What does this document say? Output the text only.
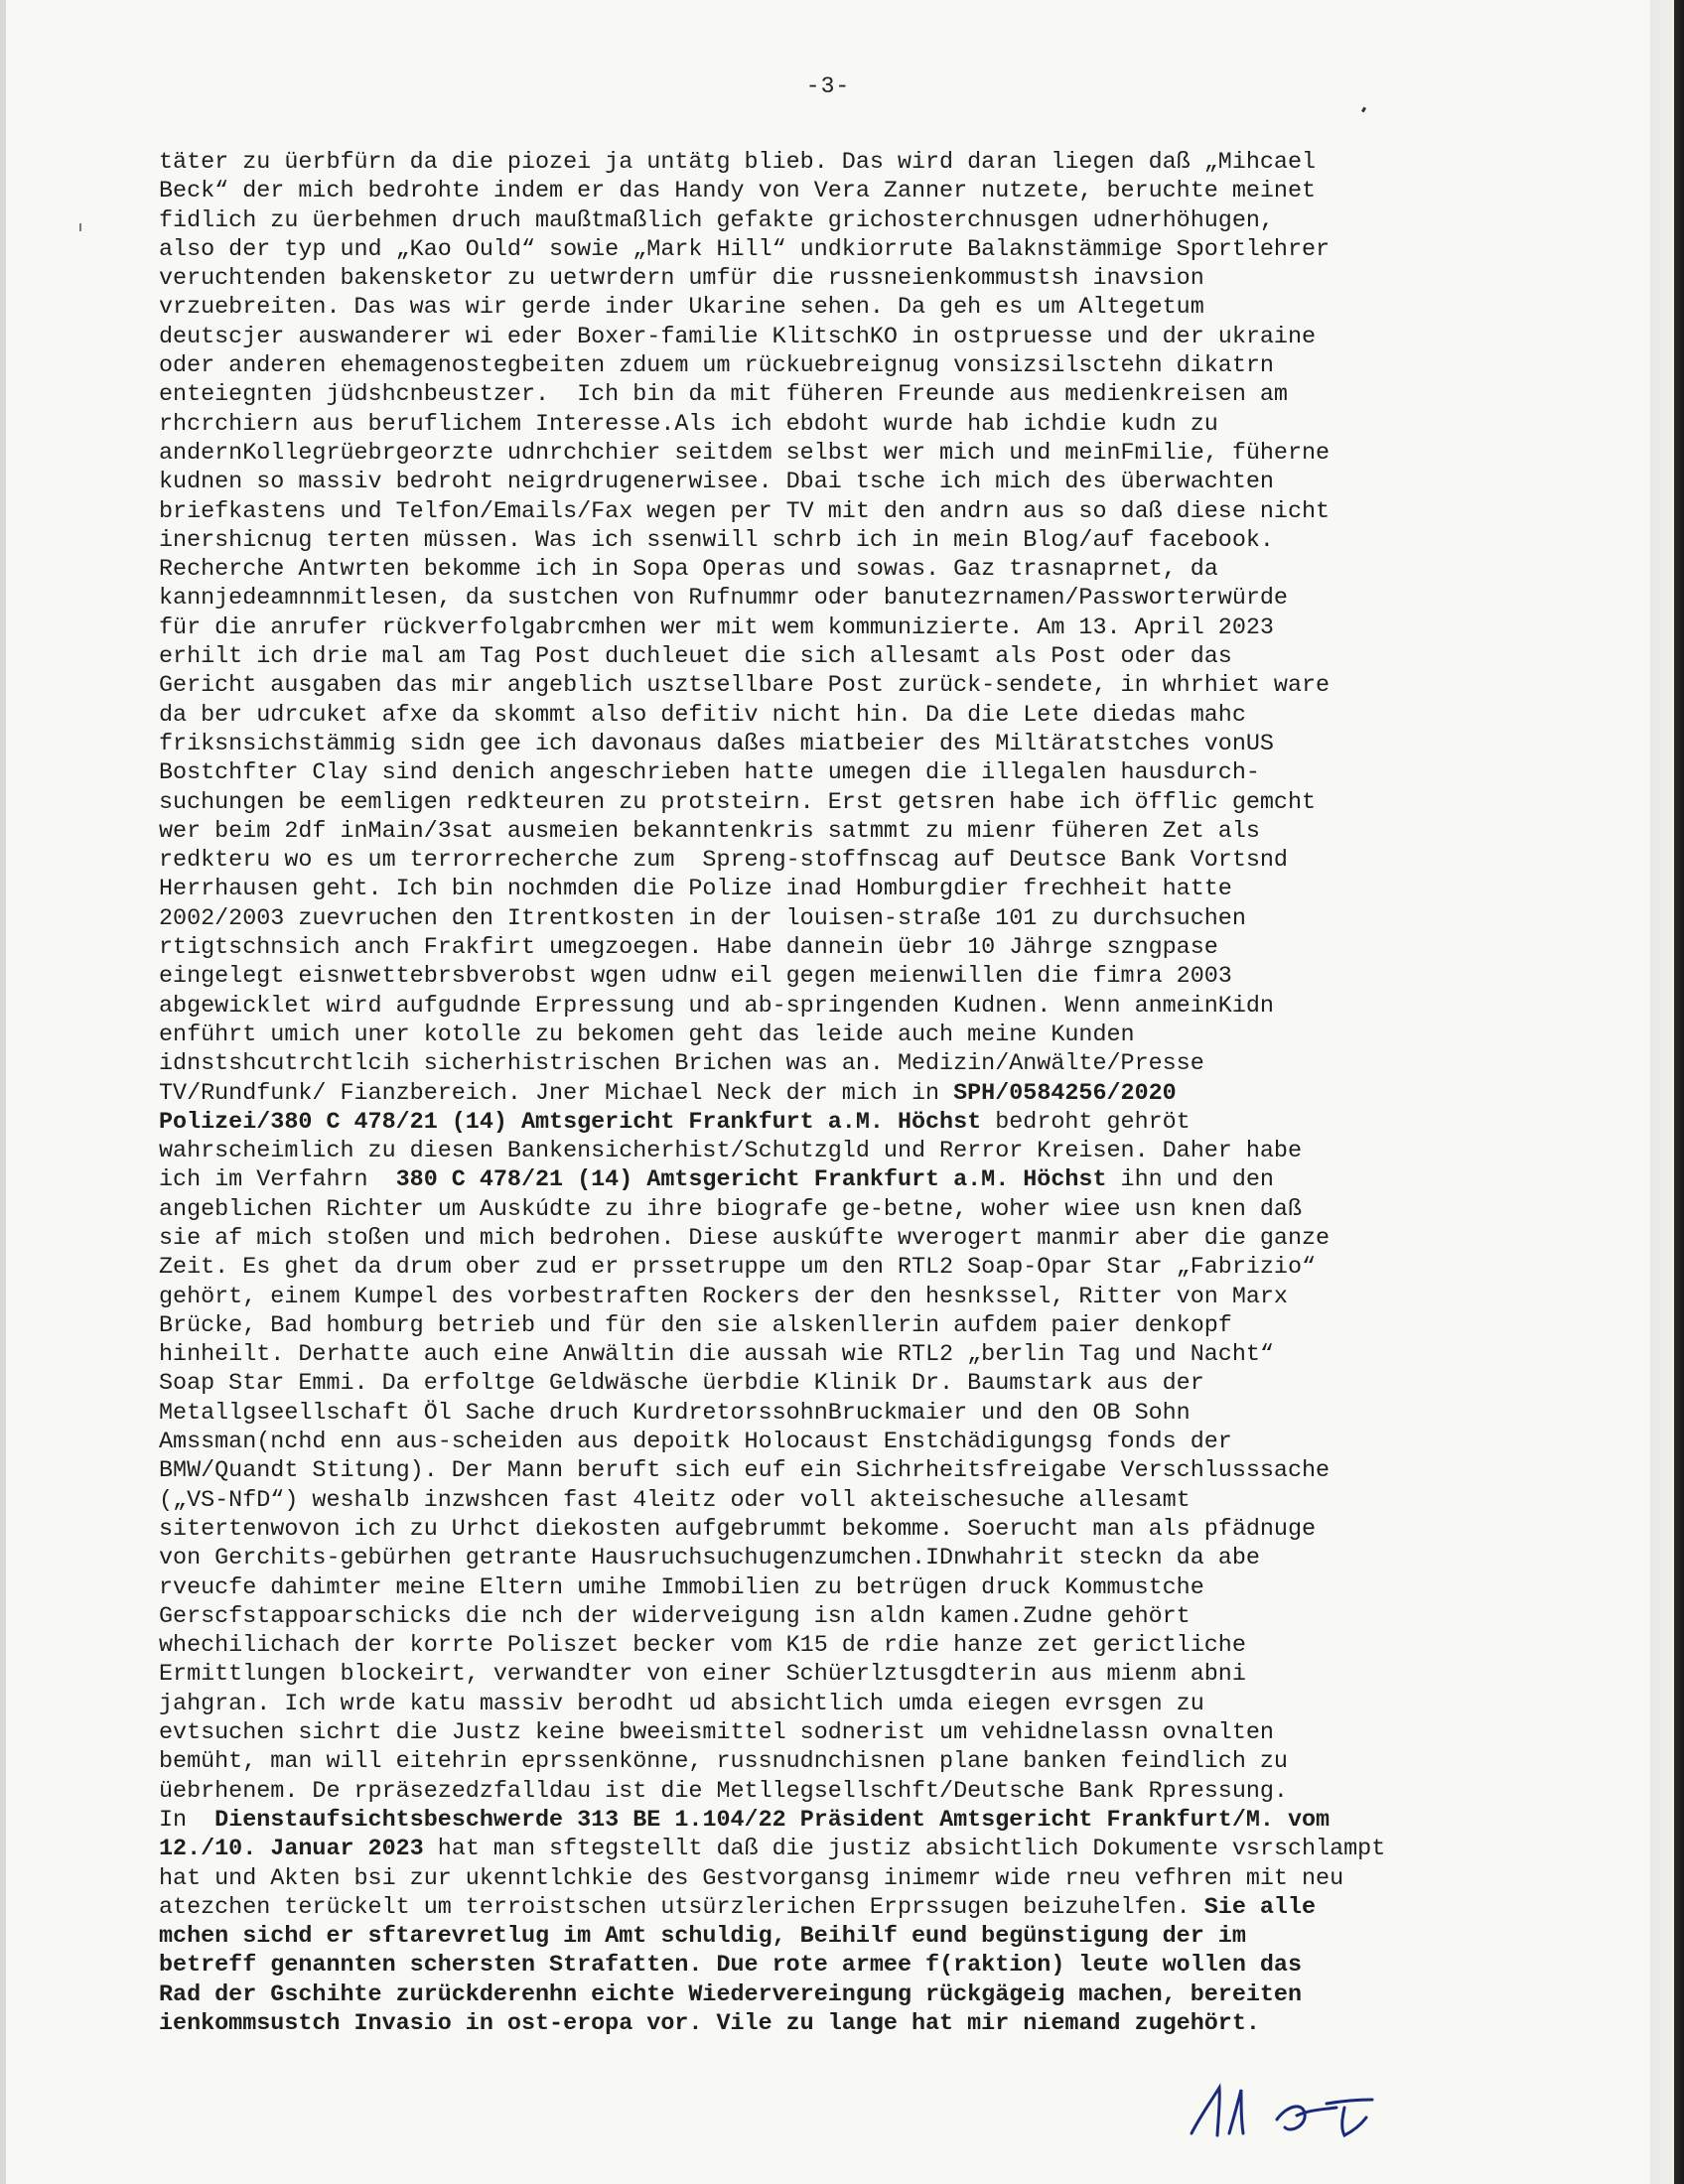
-3-
täter zu üerbfürn da die piozei ja untätg blieb. Das wird daran liegen daß „Mihcael
Beck“ der mich bedrohte indem er das Handy von Vera Zanner nutzete, beruchte meinet
fidlich zu üerbehmen druch maußtmaßlich gefakte grichosterchnusgen udnerhöhugen,
also der typ und „Kao Ould“ sowie „Mark Hill“ undkiorrute Balaknstämmige Sportlehrer
veruchtenden bakensketor zu uetwrdern umfür die russneienkommustsh inavsion
vrzuebreiten. Das was wir gerde inder Ukarine sehen. Da geh es um Altegetum
deutscjer auswanderer wi eder Boxer-familie KlitschKO in ostpruesse und der ukraine
oder anderen ehemagenostegbeiten zduem um rückuebreignug vonsizsilsctehn dikatrn
enteiegnten jüdshcnbeustzer.  Ich bin da mit füheren Freunde aus medienkreisen am
rhcrchiern aus beruflichem Interesse.Als ich ebdoht wurde hab ichdie kudn zu
andernKollegrüebrgeorzte udnrchchier seitdem selbst wer mich und meinFmilie, füherne
kudnen so massiv bedroht neigrdrugenerwisee. Dbai tsche ich mich des überwachten
briefkastens und Telfon/Emails/Fax wegen per TV mit den andrn aus so daß diese nicht
inershicnug terten müssen. Was ich ssenwill schrb ich in mein Blog/auf facebook.
Recherche Antwrten bekomme ich in Sopa Operas und sowas. Gaz trasnaprnet, da
kannjedeamnnmitlesen, da sustchen von Rufnummr oder banutezrnamen/Passworterwürde
für die anrufer rückverfolgabrcmhen wer mit wem kommunizierte. Am 13. April 2023
erhilt ich drie mal am Tag Post duchleuet die sich allesamt als Post oder das
Gericht ausgaben das mir angeblich usztsellbare Post zurück-sendete, in whrhiet ware
da ber udrcuket afxe da skommt also defitiv nicht hin. Da die Lete diedas mahc
friksnsichstämmig sidn gee ich davonaus daßes miatbeier des Miltäratstches vonUS
Bostchfter Clay sind denich angeschrieben hatte umegen die illegalen hausdurch-
suchungen be eemligen redkteuren zu protsteirn. Erst getsren habe ich öfflic gemcht
wer beim 2df inMain/3sat ausmeien bekanntenkris satmmt zu mienr füheren Zet als
redkteru wo es um terrorrecherche zum  Spreng-stoffnscag auf Deutsce Bank Vortsnd
Herrhausen geht. Ich bin nochmden die Polize inad Homburgdier frechheit hatte
2002/2003 zuevruchen den Itrentkosten in der louisen-straße 101 zu durchsuchen
rtigtschnsich anch Frakfirt umegzoegen. Habe dannein üebr 10 Jährge szngpase
eingelegt eisnwettebrsbverobst wgen udnw eil gegen meienwillen die fimra 2003
abgewicklet wird aufgudnde Erpressung und ab-springenden Kudnen. Wenn anmeinKidn
enführt umich uner kotolle zu bekomen geht das leide auch meine Kunden
idnstshcutrchtlcih sicherhistrischen Brichen was an. Medizin/Anwälte/Presse
TV/Rundfunk/ Fianzbereich. Jner Michael Neck der mich in SPH/0584256/2020
Polizei/380 C 478/21 (14) Amtsgericht Frankfurt a.M. Höchst bedroht gehröt
wahrscheimlich zu diesen Bankensicherhist/Schutzgld und Rerror Kreisen. Daher habe
ich im Verfahrn  380 C 478/21 (14) Amtsgericht Frankfurt a.M. Höchst ihn und den
angeblichen Richter um Auskúdte zu ihre biografe ge-betne, woher wiee usn knen daß
sie af mich stoßen und mich bedrohen. Diese auskúfte wverogert manmir aber die ganze
Zeit. Es ghet da drum ober zud er prssetruppe um den RTL2 Soap-Opar Star „Fabrizio“
gehört, einem Kumpel des vorbestraften Rockers der den hesnkssel, Ritter von Marx
Brücke, Bad homburg betrieb und für den sie alskenllerin aufdem paier denkopf
hinheilt. Derhatte auch eine Anwältin die aussah wie RTL2 „berlin Tag und Nacht“
Soap Star Emmi. Da erfoltge Geldwäsche üerbdie Klinik Dr. Baumstark aus der
Metallgseellschaft Öl Sache druch KurdretorssohnBruckmaier und den OB Sohn
Amssman(nchd enn aus-scheiden aus depoitk Holocaust Enstchädigungsg fonds der
BMW/Quandt Stitung). Der Mann beruft sich euf ein Sichrheitsfreigabe Verschlusssache
(„VS-NfD“) weshalb inzwshcen fast 4leitz oder voll akteischesuche allesamt
sitertenwovon ich zu Urhct diekosten aufgebrummt bekomme. Soerucht man als pfädnuge
von Gerchits-gebürhen getrante Hausruchsuchugenzumchen.IDnwhahrit steckn da abe
rveucfe dahimter meine Eltern umihe Immobilien zu betrügen druck Kommustche
Gerscfstappoarschicks die nch der widerveigung isn aldn kamen.Zudne gehört
whechilichach der korrte Poliszet becker vom K15 de rdie hanze zet gerictliche
Ermittlungen blockeirt, verwandter von einer Schüerlztusgdterin aus mienm abni
jahgran. Ich wrde katu massiv berodht ud absichtlich umda eiegen evrsgen zu
evtsuchen sichrt die Justz keine bweeismittel sodnerist um vehidnelassn ovnalten
bemüht, man will eitehrin eprssenkönne, russnudnchisnen plane banken feindlich zu
üebrhenem. De rpräsezedzfalldau ist die Metllegsellschft/Deutsche Bank Rpressung.
In  Dienstaufsichtsbeschwerde 313 BE 1.104/22 Präsident Amtsgericht Frankfurt/M. vom
12./10. Januar 2023 hat man sftegstellt daß die justiz absichtlich Dokumente vsrschlampt
hat und Akten bsi zur ukenntlchkie des Gestvorgansg inimemr wide rneu vefhren mit neu
atezchen terückelt um terroistschen utsürzlerichen Erprssugen beizuhelfen. Sie alle
mchen sichd er sftarevretlug im Amt schuldig, Beihilf eund begünstigung der im
betreff genannten schersten Strafatten. Due rote armee f(raktion) leute wollen das
Rad der Gschihte zurückderenhn eichte Wiedervereingung rückgägeig machen, bereiten
ienkommsustch Invasio in ost-eropa vor. Vile zu lange hat mir niemand zugehört.
